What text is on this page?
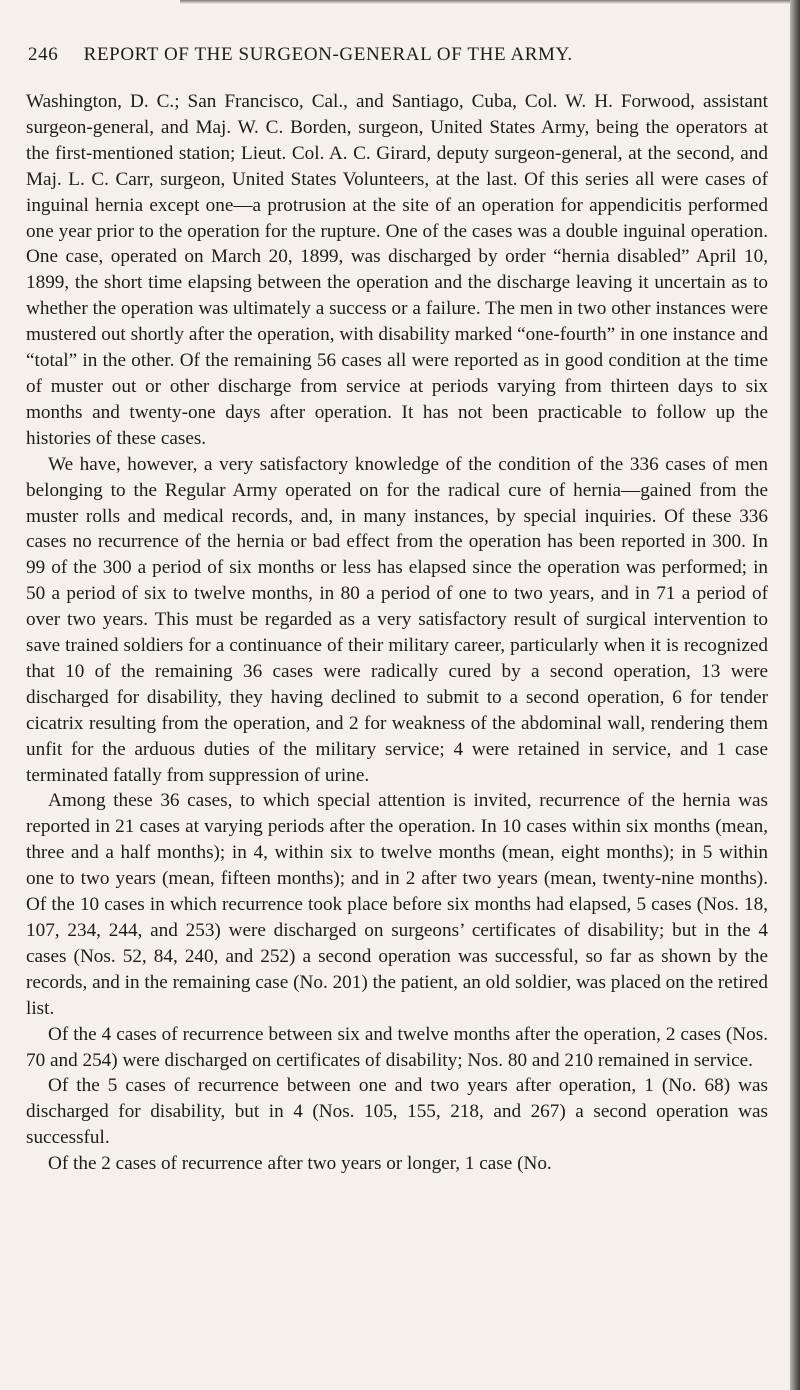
246 REPORT OF THE SURGEON-GENERAL OF THE ARMY.

Washington, D. C.; San Francisco, Cal., and Santiago, Cuba, Col. W. H. Forwood, assistant surgeon-general, and Maj. W. C. Borden, surgeon, United States Army, being the operators at the first-mentioned station; Lieut. Col. A. C. Girard, deputy surgeon-general, at the second, and Maj. L. C. Carr, surgeon, United States Volunteers, at the last. Of this series all were cases of inguinal hernia except one—a protrusion at the site of an operation for appendicitis performed one year prior to the operation for the rupture. One of the cases was a double inguinal operation. One case, operated on March 20, 1899, was discharged by order “hernia disabled” April 10, 1899, the short time elapsing between the operation and the discharge leaving it uncertain as to whether the operation was ultimately a success or a failure. The men in two other instances were mustered out shortly after the operation, with disability marked “one-fourth” in one instance and “total” in the other. Of the remaining 56 cases all were reported as in good condition at the time of muster out or other discharge from service at periods varying from thirteen days to six months and twenty-one days after operation. It has not been practicable to follow up the histories of these cases.

We have, however, a very satisfactory knowledge of the condition of the 336 cases of men belonging to the Regular Army operated on for the radical cure of hernia—gained from the muster rolls and medical records, and, in many instances, by special inquiries. Of these 336 cases no recurrence of the hernia or bad effect from the operation has been reported in 300. In 99 of the 300 a period of six months or less has elapsed since the operation was performed; in 50 a period of six to twelve months, in 80 a period of one to two years, and in 71 a period of over two years. This must be regarded as a very satisfactory result of surgical intervention to save trained soldiers for a continuance of their military career, particularly when it is recognized that 10 of the remaining 36 cases were radically cured by a second operation, 13 were discharged for disability, they having declined to submit to a second operation, 6 for tender cicatrix resulting from the operation, and 2 for weakness of the abdominal wall, rendering them unfit for the arduous duties of the military service; 4 were retained in service, and 1 case terminated fatally from suppression of urine.

Among these 36 cases, to which special attention is invited, recurrence of the hernia was reported in 21 cases at varying periods after the operation. In 10 cases within six months (mean, three and a half months); in 4, within six to twelve months (mean, eight months); in 5 within one to two years (mean, fifteen months); and in 2 after two years (mean, twenty-nine months). Of the 10 cases in which recurrence took place before six months had elapsed, 5 cases (Nos. 18, 107, 234, 244, and 253) were discharged on surgeons’ certificates of disability; but in the 4 cases (Nos. 52, 84, 240, and 252) a second operation was successful, so far as shown by the records, and in the remaining case (No. 201) the patient, an old soldier, was placed on the retired list.

Of the 4 cases of recurrence between six and twelve months after the operation, 2 cases (Nos. 70 and 254) were discharged on certificates of disability; Nos. 80 and 210 remained in service.

Of the 5 cases of recurrence between one and two years after operation, 1 (No. 68) was discharged for disability, but in 4 (Nos. 105, 155, 218, and 267) a second operation was successful.

Of the 2 cases of recurrence after two years or longer, 1 case (No.
